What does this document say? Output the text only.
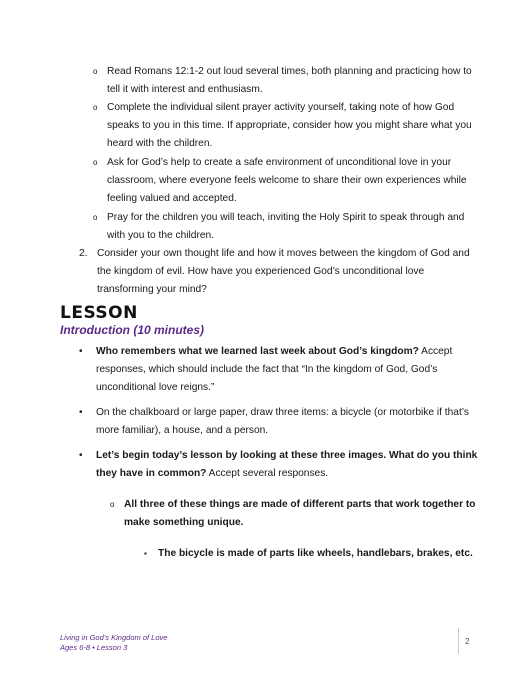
o Read Romans 12:1-2 out loud several times, both planning and practicing how to tell it with interest and enthusiasm.
o Complete the individual silent prayer activity yourself, taking note of how God speaks to you in this time. If appropriate, consider how you might share what you heard with the children.
o Ask for God’s help to create a safe environment of unconditional love in your classroom, where everyone feels welcome to share their own experiences while feeling valued and accepted.
o Pray for the children you will teach, inviting the Holy Spirit to speak through and with you to the children.
2. Consider your own thought life and how it moves between the kingdom of God and the kingdom of evil. How have you experienced God’s unconditional love transforming your mind?
LESSON
Introduction (10 minutes)
• Who remembers what we learned last week about God’s kingdom? Accept responses, which should include the fact that “In the kingdom of God, God’s unconditional love reigns.”
• On the chalkboard or large paper, draw three items: a bicycle (or motorbike if that’s more familiar), a house, and a person.
• Let’s begin today’s lesson by looking at these three images. What do you think they have in common? Accept several responses.
o All three of these things are made of different parts that work together to make something unique.
▪ The bicycle is made of parts like wheels, handlebars, brakes, etc.
Living in God’s Kingdom of Love
Ages 6-8 • Lesson 3
2
